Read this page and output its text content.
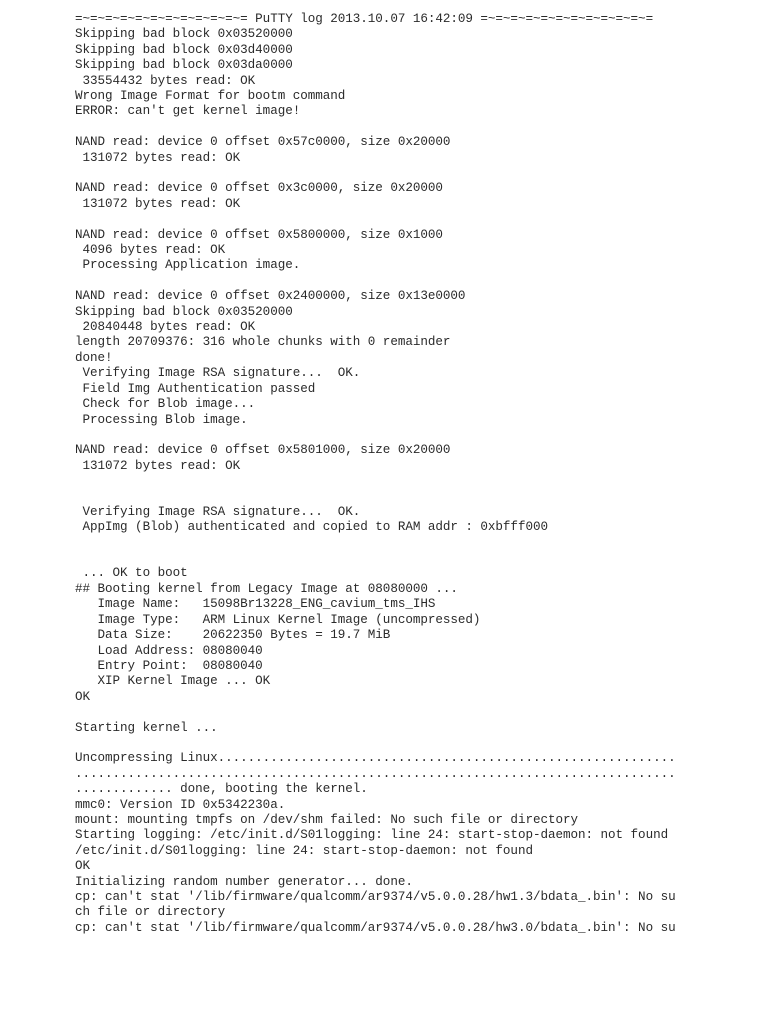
=~=~=~=~=~=~=~=~=~=~=~= PuTTY log 2013.10.07 16:42:09 =~=~=~=~=~=~=~=~=~=~=~=
Skipping bad block 0x03520000
Skipping bad block 0x03d40000
Skipping bad block 0x03da0000
33554432 bytes read: OK
Wrong Image Format for bootm command
ERROR: can't get kernel image!
NAND read: device 0 offset 0x57c0000, size 0x20000
131072 bytes read: OK
NAND read: device 0 offset 0x3c0000, size 0x20000
131072 bytes read: OK
NAND read: device 0 offset 0x5800000, size 0x1000
4096 bytes read: OK
Processing Application image.
NAND read: device 0 offset 0x2400000, size 0x13e0000
Skipping bad block 0x03520000
20840448 bytes read: OK
length 20709376: 316 whole chunks with 0 remainder
done!
Verifying Image RSA signature...  OK.
Field Img Authentication passed
Check for Blob image...
Processing Blob image.
NAND read: device 0 offset 0x5801000, size 0x20000
131072 bytes read: OK
Verifying Image RSA signature...  OK.
AppImg (Blob) authenticated and copied to RAM addr : 0xbfff000
... OK to boot
## Booting kernel from Legacy Image at 08080000 ...
Image Name:   15098Br13228_ENG_cavium_tms_IHS
Image Type:   ARM Linux Kernel Image (uncompressed)
Data Size:    20622350 Bytes = 19.7 MiB
Load Address: 08080040
Entry Point:  08080040
XIP Kernel Image ... OK
OK
Starting kernel ...
Uncompressing Linux.............................................................
................................................................................
............. done, booting the kernel.
mmc0: Version ID 0x5342230a.
mount: mounting tmpfs on /dev/shm failed: No such file or directory
Starting logging: /etc/init.d/S01logging: line 24: start-stop-daemon: not found
/etc/init.d/S01logging: line 24: start-stop-daemon: not found
OK
Initializing random number generator... done.
cp: can't stat '/lib/firmware/qualcomm/ar9374/v5.0.0.28/hw1.3/bdata_.bin': No su
ch file or directory
cp: can't stat '/lib/firmware/qualcomm/ar9374/v5.0.0.28/hw3.0/bdata_.bin': No su
